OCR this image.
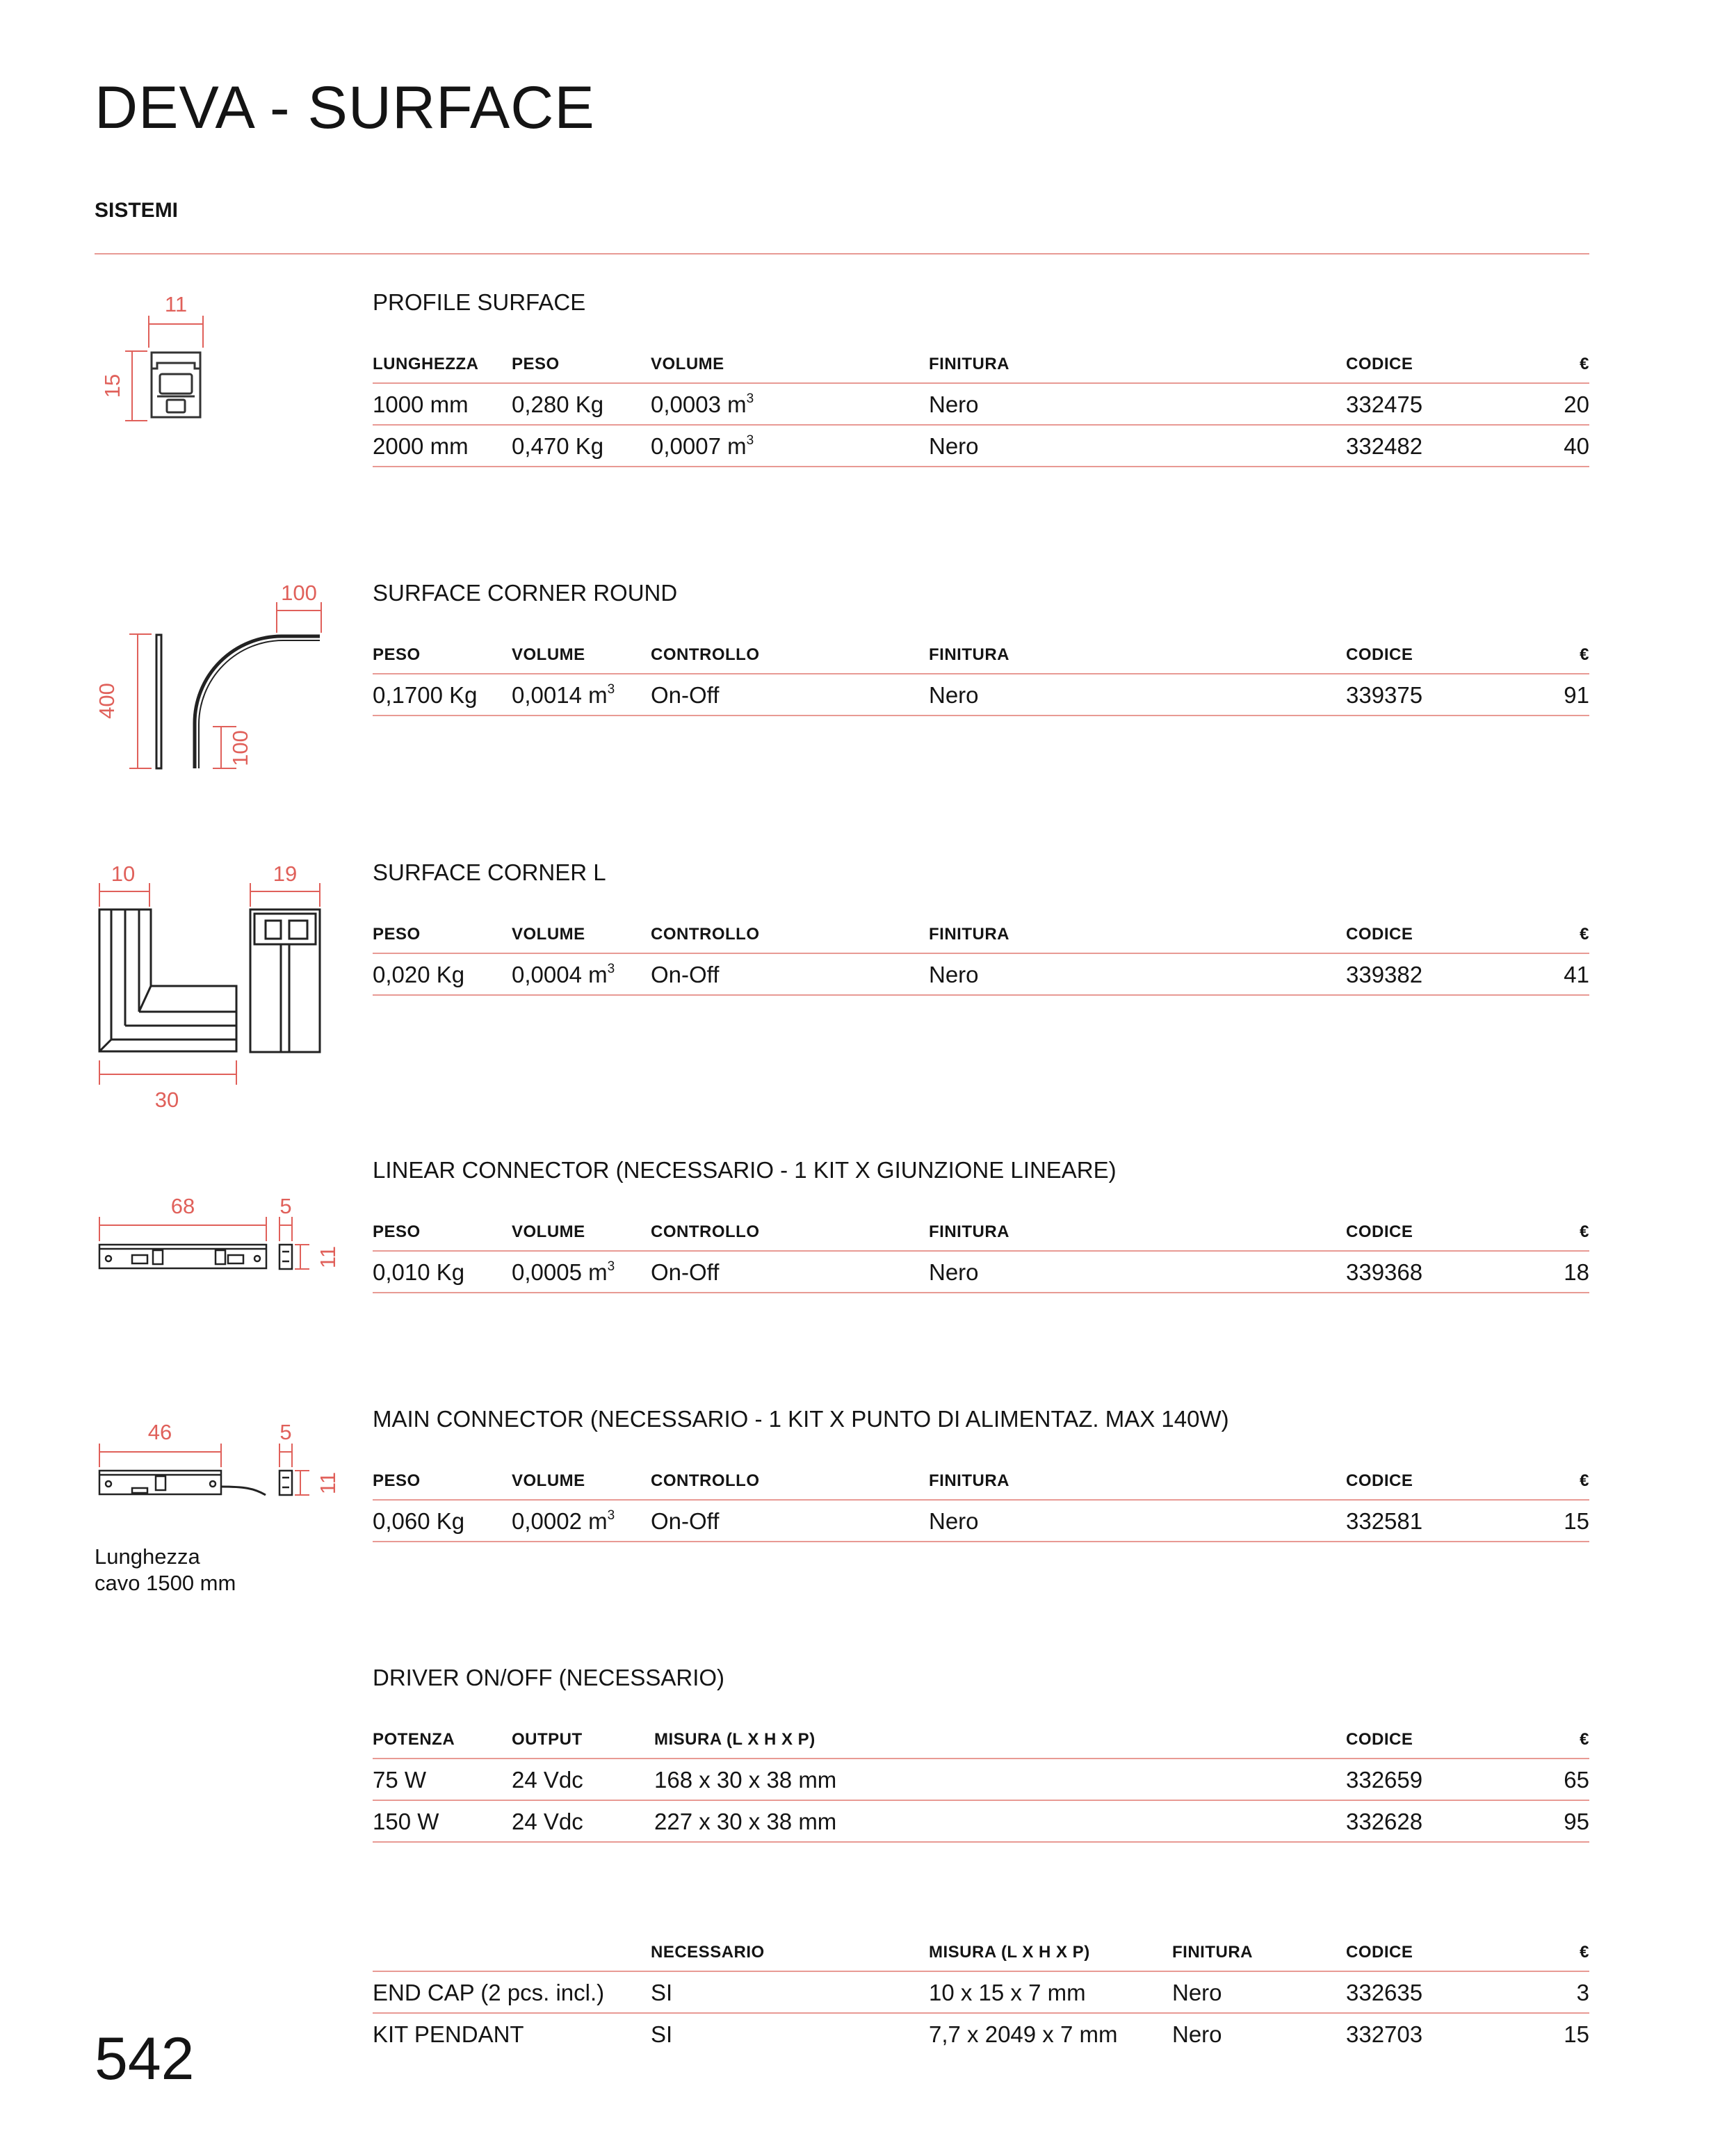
DEVA - SURFACE
SISTEMI
11
15
PROFILE SURFACE
LUNGHEZZA	PESO	VOLUME	FINITURA	CODICE	€
1000 mm	0,280 Kg	0,0003 $m^3$	Nero	332475	20
2000 mm	0,470 Kg	0,0007 $m^3$	Nero	332482	40
100
400
100
SURFACE CORNER ROUND
PESO	VOLUME	CONTROLLO	FINITURA	CODICE	€
0,1700 Kg	0,0014 $m^3$	On-Off	Nero	339375	91
10	19
30
SURFACE CORNER L
PESO	VOLUME	CONTROLLO	FINITURA	CODICE	€
0,020 Kg	0,0004 $m^3$	On-Off	Nero	339382	41
68	5
11
LINEAR CONNECTOR (NECESSARIO - 1 KIT X GIUNZIONE LINEARE)
PESO	VOLUME	CONTROLLO	FINITURA	CODICE	€
0,010 Kg	0,0005 $m^3$	On-Off	Nero	339368	18
46	5
11

Lunghezza
cavo 1500 mm

MAIN CONNECTOR (NECESSARIO - 1 KIT X PUNTO DI ALIMENTAZ. MAX 140W)
PESO	VOLUME	CONTROLLO	FINITURA	CODICE	€
0,060 Kg	0,0002 $m^3$	On-Off	Nero	332581	15
DRIVER ON/OFF (NECESSARIO)
POTENZA	OUTPUT	MISURA (L X H X P)	CODICE	€
75 W	24 Vdc	168 x 30 x 38 mm	332659	65
150 W	24 Vdc	227 x 30 x 38 mm	332628	95
	NECESSARIO	MISURA (L X H X P)	FINITURA	CODICE	€
END CAP (2 pcs. incl.)	SI	10 x 15 x 7 mm	Nero	332635	3
KIT PENDANT	SI	7,7 x 2049 x 7 mm	Nero	332703	15
542
